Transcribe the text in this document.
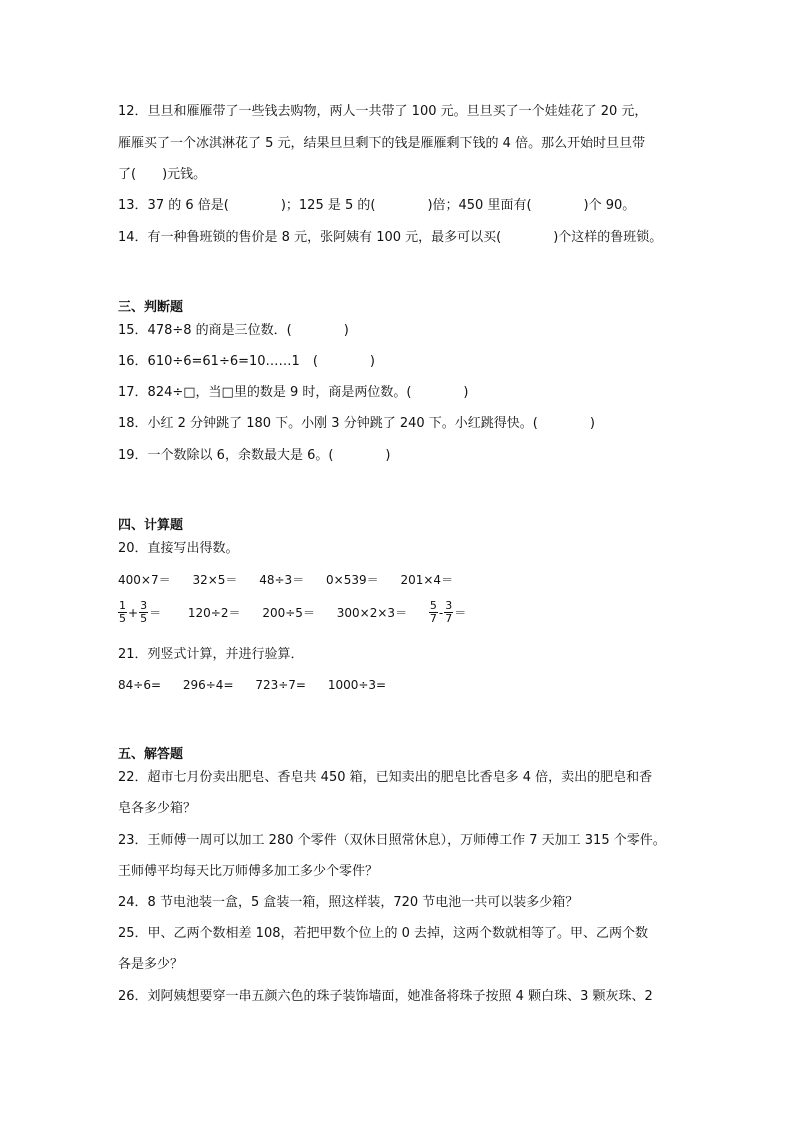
12．旦旦和雁雁带了一些钱去购物，两人一共带了 100 元。旦旦买了一个娃娃花了 20 元，
雁雁买了一个冰淇淋花了 5 元，结果旦旦剩下的钱是雁雁剩下钱的 4 倍。那么开始时旦旦带
了(　　)元钱。
13．37 的 6 倍是(　　　　)；125 是 5 的(　　　　)倍；450 里面有(　　　　)个 90。
14．有一种鲁班锁的售价是 8 元，张阿姨有 100 元，最多可以买(　　　　)个这样的鲁班锁。
三、判断题
15．478÷8 的商是三位数．(　　　　)
16．610÷6=61÷6=10……1　(　　　　)
17．824÷□，当□里的数是 9 时，商是两位数。(　　　　)
18．小红 2 分钟跳了 180 下。小刚 3 分钟跳了 240 下。小红跳得快。(　　　　)
19．一个数除以 6，余数最大是 6。(　　　　)
四、计算题
20．直接写出得数。
400×7＝ 32×5＝ 48÷3＝ 0×539＝ 201×4＝
$\frac{1}{5} + \frac{3}{5} = 120\div 2= 200\div 5= 300\times 2\times 3= \frac{5}{7} - \frac{3}{7}$ ＝
21．列竖式计算，并进行验算．
84÷6= 296÷4= 723÷7= 1000÷3=
五、解答题
22．超市七月份卖出肥皂、香皂共 450 箱，已知卖出的肥皂比香皂多 4 倍，卖出的肥皂和香
皂各多少箱？
23．王师傅一周可以加工 280 个零件（双休日照常休息），万师傅工作 7 天加工 315 个零件。
王师傅平均每天比万师傅多加工多少个零件？
24．8 节电池装一盒，5 盒装一箱，照这样装，720 节电池一共可以装多少箱？
25．甲、乙两个数相差 108，若把甲数个位上的 0 去掉，这两个数就相等了。甲、乙两个数
各是多少？
26．刘阿姨想要穿一串五颜六色的珠子装饰墙面，她准备将珠子按照 4 颗白珠、3 颗灰珠、2
